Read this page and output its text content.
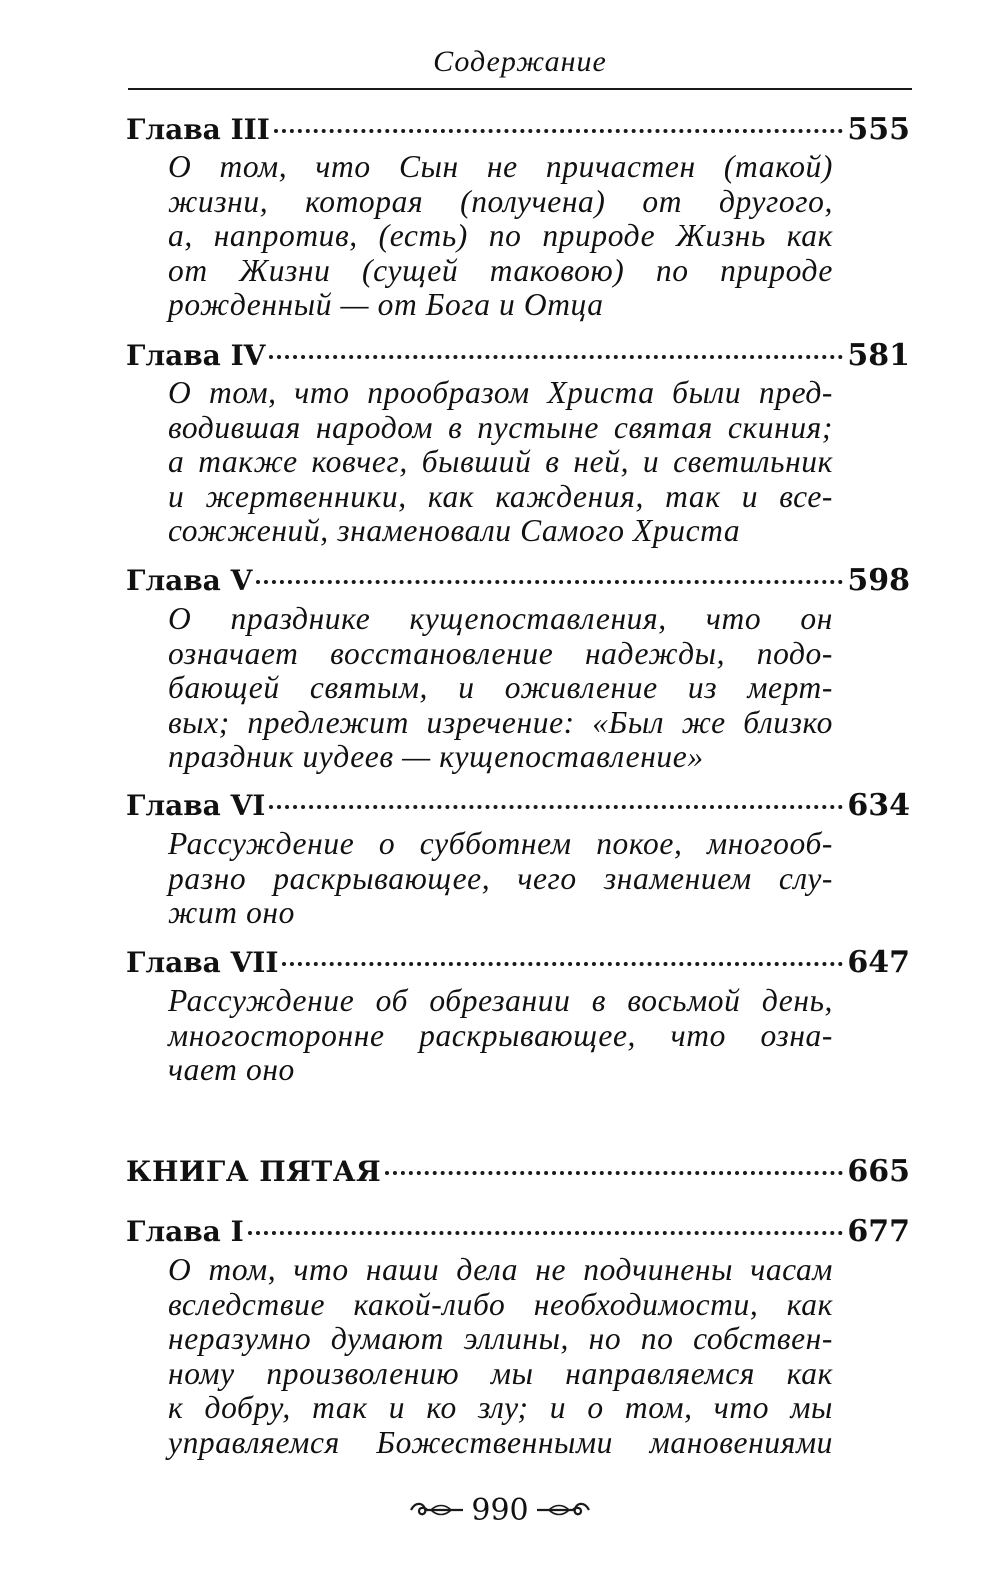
Содержание
Глава III	555
О том, что Сын не причастен (такой)
жизни, которая (получена) от другого,
а, напротив, (есть) по природе Жизнь как
от Жизни (сущей таковою) по природе
рожденный — от Бога и Отца
Глава IV	581
О том, что прообразом Христа были пред-
водившая народом в пустыне святая скиния;
а также ковчег, бывший в ней, и светильник
и жертвенники, как каждения, так и все-
сожжений, знаменовали Самого Христа
Глава V	598
О празднике кущепоставления, что он
означает восстановление надежды, подо-
бающей святым, и оживление из мерт-
вых; предлежит изречение: «Был же близко
праздник иудеев — кущепоставление»
Глава VI	634
Рассуждение о субботнем покое, многооб-
разно раскрывающее, чего знамением слу-
жит оно
Глава VII	647
Рассуждение об обрезании в восьмой день,
многосторонне раскрывающее, что озна-
чает оно
КНИГА ПЯТАЯ	665
Глава I	677
О том, что наши дела не подчинены часам
вследствие какой-либо необходимости, как
неразумно думают эллины, но по собствен-
ному произволению мы направляемся как
к добру, так и ко злу; и о том, что мы
управляемся Божественными мановениями
990
